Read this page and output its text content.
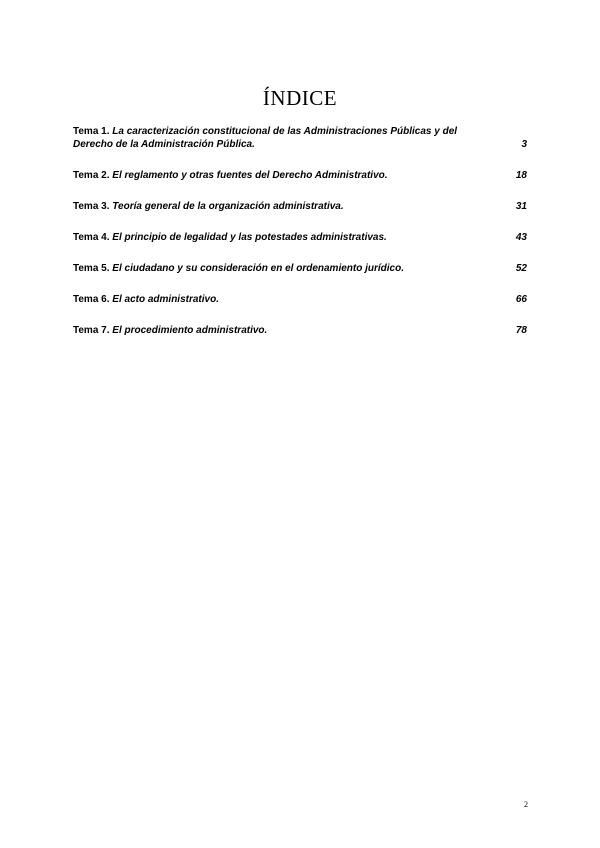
ÍNDICE
Tema 1. La caracterización constitucional de las Administraciones Públicas y del Derecho de la Administración Pública.	3
Tema 2. El reglamento y otras fuentes del Derecho Administrativo.	18
Tema 3. Teoría general de la organización administrativa.	31
Tema 4. El principio de legalidad y las potestades administrativas.	43
Tema 5. El ciudadano y su consideración en el ordenamiento jurídico.	52
Tema 6. El acto administrativo.	66
Tema 7. El procedimiento administrativo.	78
2
